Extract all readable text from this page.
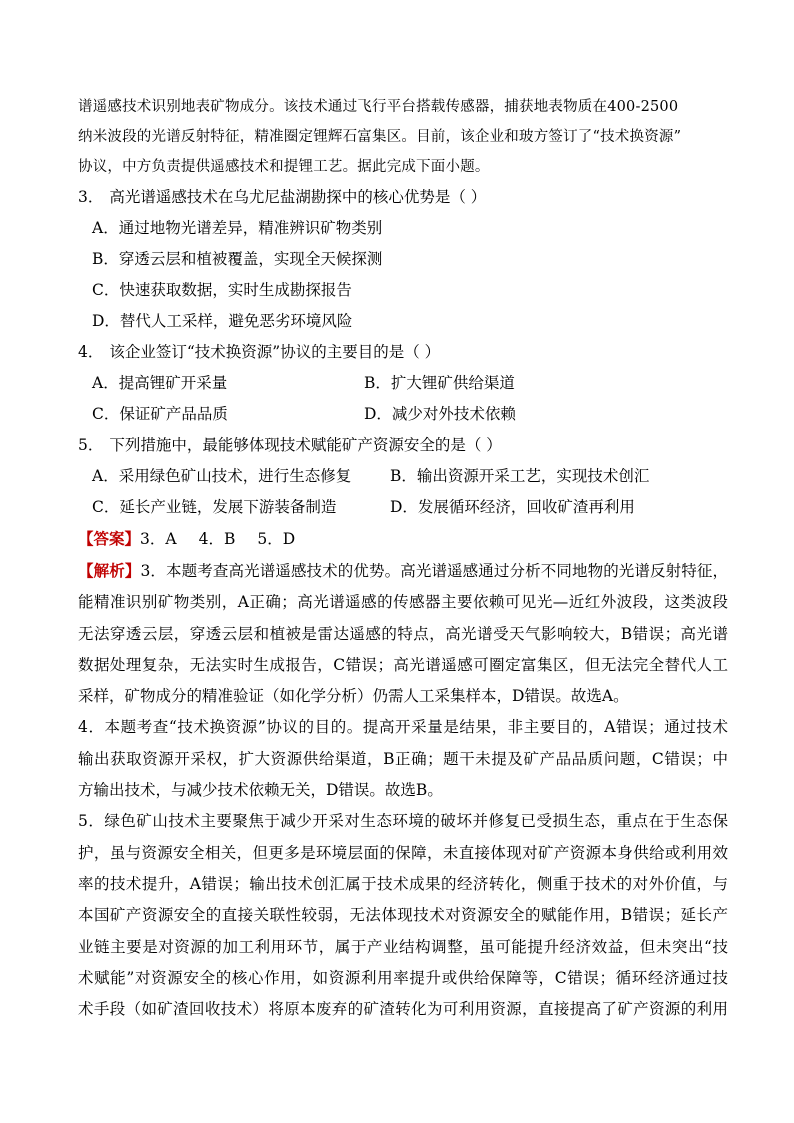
谱遥感技术识别地表矿物成分。该技术通过飞行平台搭载传感器，捕获地表物质在400-2500

纳米波段的光谱反射特征，精准圈定锂辉石富集区。目前，该企业和玻方签订了“技术换资源”

协议，中方负责提供遥感技术和提锂工艺。据此完成下面小题。

3． 高光谱遥感技术在乌尤尼盐湖勘探中的核心优势是（ ）

A．通过地物光谱差异，精准辨识矿物类别
B．穿透云层和植被覆盖，实现全天候探测
C．快速获取数据，实时生成勘探报告
D．替代人工采样，避免恶劣环境风险

4． 该企业签订“技术换资源”协议的主要目的是（ ）

A．提高锂矿开采量	B．扩大锂矿供给渠道
C．保证矿产品品质	D．减少对外技术依赖

5． 下列措施中，最能够体现技术赋能矿产资源安全的是（ ）

A．采用绿色矿山技术，进行生态修复	B．输出资源开采工艺，实现技术创汇
C．延长产业链，发展下游装备制造	D．发展循环经济，回收矿渣再利用

【答案】3．A 4．B 5．D

【解析】3．本题考查高光谱遥感技术的优势。高光谱遥感通过分析不同地物的光谱反射特征，

能精准识别矿物类别，A正确；高光谱遥感的传感器主要依赖可见光—近红外波段，这类波段

无法穿透云层，穿透云层和植被是雷达遥感的特点，高光谱受天气影响较大，B错误；高光谱

数据处理复杂，无法实时生成报告，C错误；高光谱遥感可圈定富集区，但无法完全替代人工

采样，矿物成分的精准验证（如化学分析）仍需人工采集样本，D错误。故选A。

4．本题考查“技术换资源”协议的目的。提高开采量是结果，非主要目的，A错误；通过技术

输出获取资源开采权，扩大资源供给渠道，B正确；题干未提及矿产品品质问题，C错误；中

方输出技术，与减少技术依赖无关，D错误。故选B。

5．绿色矿山技术主要聚焦于减少开采对生态环境的破坏并修复已受损生态，重点在于生态保

护，虽与资源安全相关，但更多是环境层面的保障，未直接体现对矿产资源本身供给或利用效

率的技术提升，A错误；输出技术创汇属于技术成果的经济转化，侧重于技术的对外价值，与

本国矿产资源安全的直接关联性较弱，无法体现技术对资源安全的赋能作用，B错误；延长产

业链主要是对资源的加工利用环节，属于产业结构调整，虽可能提升经济效益，但未突出“技

术赋能”对资源安全的核心作用，如资源利用率提升或供给保障等，C错误；循环经济通过技

术手段（如矿渣回收技术）将原本废弃的矿渣转化为可利用资源，直接提高了矿产资源的利用
